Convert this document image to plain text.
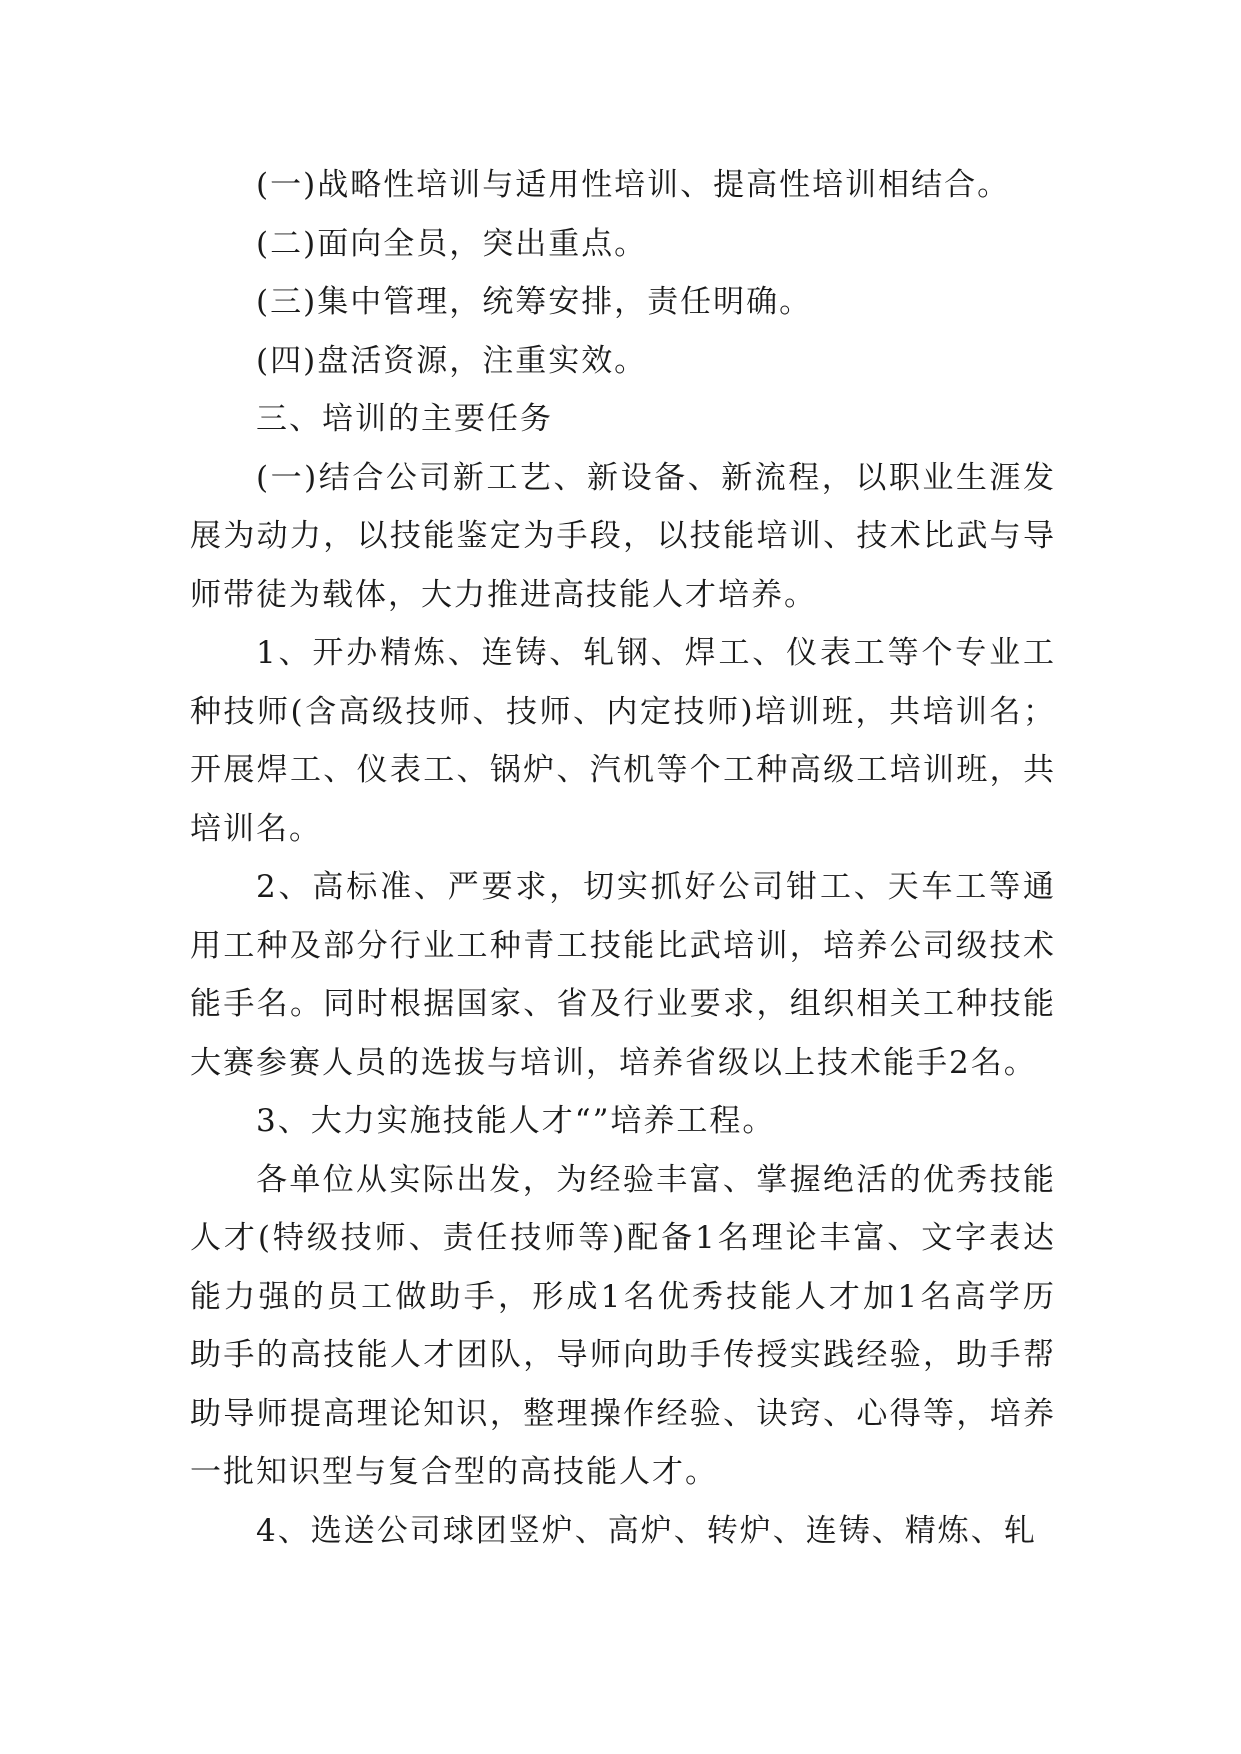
(一)战略性培训与适用性培训、提高性培训相结合。

(二)面向全员，突出重点。

(三)集中管理，统筹安排，责任明确。

(四)盘活资源，注重实效。

三、培训的主要任务

(一)结合公司新工艺、新设备、新流程，以职业生涯发展为动力，以技能鉴定为手段，以技能培训、技术比武与导师带徒为载体，大力推进高技能人才培养。

1、开办精炼、连铸、轧钢、焊工、仪表工等个专业工种技师(含高级技师、技师、内定技师)培训班，共培训名；开展焊工、仪表工、锅炉、汽机等个工种高级工培训班，共培训名。

2、高标准、严要求，切实抓好公司钳工、天车工等通用工种及部分行业工种青工技能比武培训，培养公司级技术能手名。同时根据国家、省及行业要求，组织相关工种技能大赛参赛人员的选拔与培训，培养省级以上技术能手2名。

3、大力实施技能人才“”培养工程。

各单位从实际出发，为经验丰富、掌握绝活的优秀技能人才(特级技师、责任技师等)配备1名理论丰富、文字表达能力强的员工做助手，形成1名优秀技能人才加1名高学历助手的高技能人才团队，导师向助手传授实践经验，助手帮助导师提高理论知识，整理操作经验、诀窍、心得等，培养一批知识型与复合型的高技能人才。

4、选送公司球团竖炉、高炉、转炉、连铸、精炼、轧
